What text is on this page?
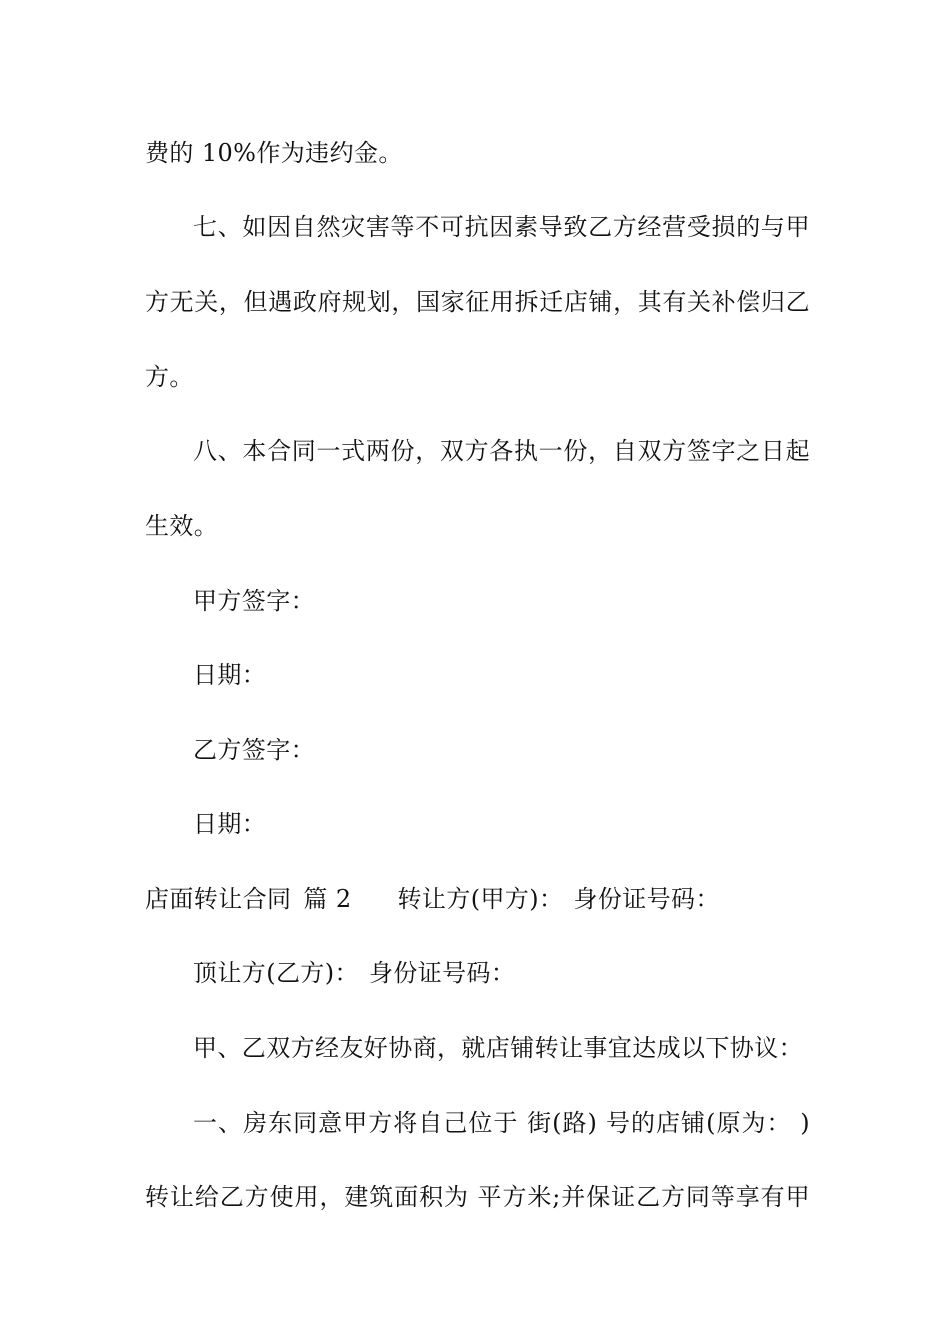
费的 10%作为违约金。
七、如因自然灾害等不可抗因素导致乙方经营受损的与甲
方无关，但遇政府规划，国家征用拆迁店铺，其有关补偿归乙
方。
八、本合同一式两份，双方各执一份，自双方签字之日起
生效。
甲方签字：
日期：
乙方签字：
日期：
店面转让合同 篇 2 转让方(甲方)： 身份证号码：
顶让方(乙方)： 身份证号码：
甲、乙双方经友好协商，就店铺转让事宜达成以下协议：
一、房东同意甲方将自己位于 街(路) 号的店铺(原为： )
转让给乙方使用，建筑面积为 平方米;并保证乙方同等享有甲
